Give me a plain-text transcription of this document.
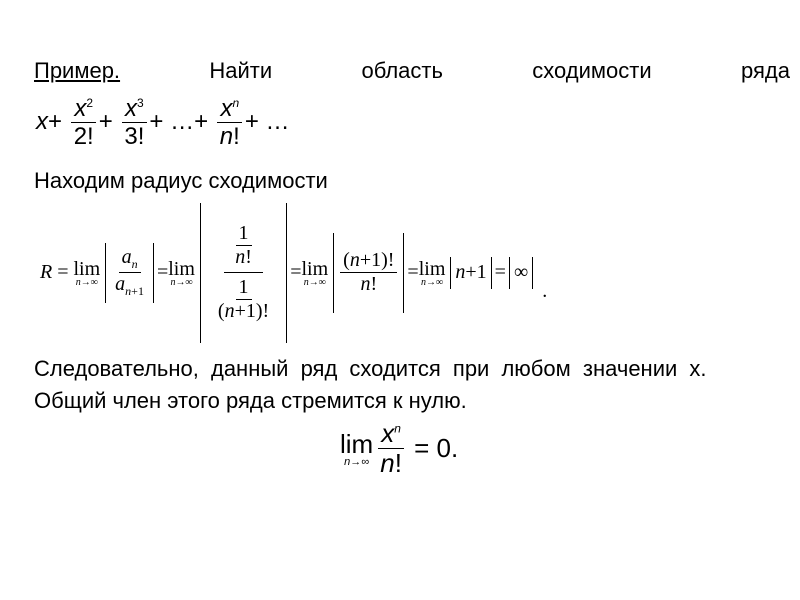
Пример.	Найти	область	сходимости	ряда
$x+ \frac{x^2}{2!} + \frac{x^3}{3!}$ + …+ $\frac{x^n}{n!}$ + …
Находим радиус сходимости
R = lim
$n\to\infty \frac{a_n}{a_{n+1}} = \lim$
$n\to\infty \frac{\frac{1}{n!}}{\frac{1}{(n+1)!}} = \lim$
$n\to\infty \frac{(n+1)!}{n!} = \lim$
n→∞ n +1 = ∞
.
Следовательно, данный ряд сходится при любом значении x.
Общий член этого ряда стремится к нулю.
lim
$n\to\infty \frac{x^n}{n!} = 0$.
